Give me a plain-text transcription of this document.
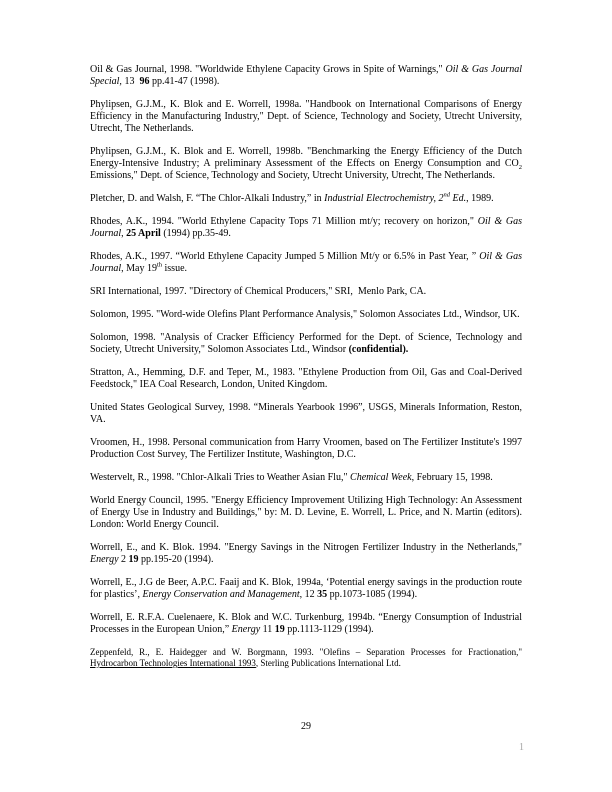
Oil & Gas Journal, 1998. "Worldwide Ethylene Capacity Grows in Spite of Warnings," Oil & Gas Journal Special, 13  96 pp.41-47 (1998).

Phylipsen, G.J.M., K. Blok and E. Worrell, 1998a. "Handbook on International Comparisons of Energy Efficiency in the Manufacturing Industry," Dept. of Science, Technology and Society, Utrecht University, Utrecht, The Netherlands.

Phylipsen, G.J.M., K. Blok and E. Worrell, 1998b. "Benchmarking the Energy Efficiency of the Dutch Energy-Intensive Industry; A preliminary Assessment of the Effects on Energy Consumption and $CO_2$ Emissions," Dept. of Science, Technology and Society, Utrecht University, Utrecht, The Netherlands.

Pletcher, D. and Walsh, F. “The Chlor-Alkali Industry,” in Industrial Electrochemistry, 2nd Ed., 1989.

Rhodes, A.K., 1994. "World Ethylene Capacity Tops 71 Million mt/y; recovery on horizon," Oil & Gas Journal, 25 April (1994) pp.35-49.

Rhodes, A.K., 1997. “World Ethylene Capacity Jumped 5 Million Mt/y or 6.5% in Past Year, ” Oil & Gas Journal, May 19th issue.

SRI International, 1997. "Directory of Chemical Producers," SRI,  Menlo Park, CA.

Solomon, 1995. "Word-wide Olefins Plant Performance Analysis," Solomon Associates Ltd., Windsor, UK.

Solomon, 1998. "Analysis of Cracker Efficiency Performed for the Dept. of Science, Technology and Society, Utrecht University," Solomon Associates Ltd., Windsor (confidential).

Stratton, A., Hemming, D.F. and Teper, M., 1983. "Ethylene Production from Oil, Gas and Coal-Derived Feedstock," IEA Coal Research, London, United Kingdom.

United States Geological Survey, 1998. “Minerals Yearbook 1996”, USGS, Minerals Information, Reston, VA.

Vroomen, H., 1998. Personal communication from Harry Vroomen, based on The Fertilizer Institute's 1997 Production Cost Survey, The Fertilizer Institute, Washington, D.C.

Westervelt, R., 1998. "Chlor-Alkali Tries to Weather Asian Flu," Chemical Week, February 15, 1998.

World Energy Council, 1995. "Energy Efficiency Improvement Utilizing High Technology: An Assessment of Energy Use in Industry and Buildings," by: M. D. Levine, E. Worrell, L. Price, and N. Martin (editors). London: World Energy Council.

Worrell, E., and K. Blok. 1994. "Energy Savings in the Nitrogen Fertilizer Industry in the Netherlands," Energy 2 19 pp.195-20 (1994).

Worrell, E., J.G de Beer, A.P.C. Faaij and K. Blok, 1994a, ‘Potential energy savings in the production route for plastics’, Energy Conservation and Management, 12 35 pp.1073-1085 (1994).

Worrell, E. R.F.A. Cuelenaere, K. Blok and W.C. Turkenburg, 1994b. “Energy Consumption of Industrial Processes in the European Union,” Energy 11 19 pp.1113-1129 (1994).

Zeppenfeld, R., E. Haidegger and W. Borgmann, 1993. "Olefins – Separation Processes for Fractionation," Hydrocarbon Technologies International 1993, Sterling Publications International Ltd.

29
1
